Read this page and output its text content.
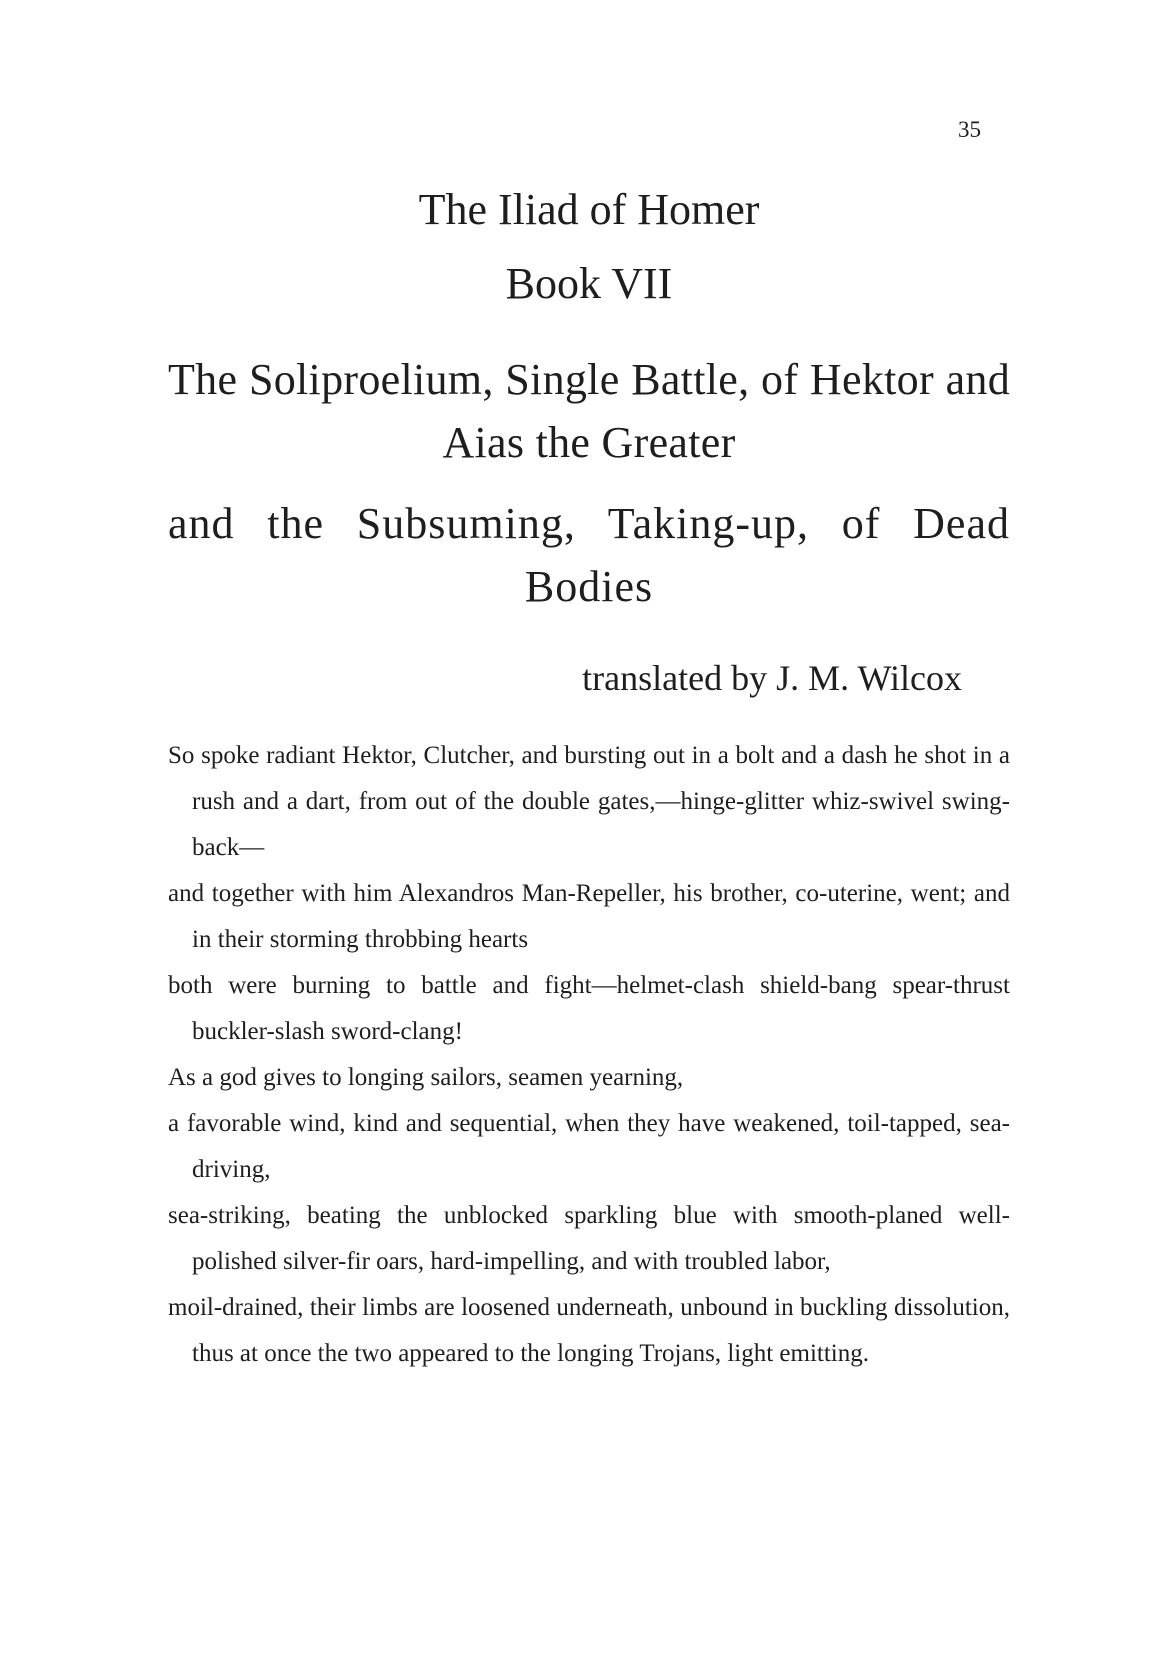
35
The Iliad of Homer
Book VII
The Soliproelium, Single Battle, of Hektor and Aias the Greater
and the Subsuming, Taking-up, of Dead Bodies
translated by J. M. Wilcox

So spoke radiant Hektor, Clutcher, and bursting out in a bolt and a dash he shot in a rush and a dart, from out of the double gates,—hinge-glitter whiz-swivel swing-back—

and together with him Alexandros Man-Repeller, his brother, co-uterine, went; and in their storming throbbing hearts

both were burning to battle and fight—helmet-clash shield-bang spear-thrust buckler-slash sword-clang!

As a god gives to longing sailors, seamen yearning,

a favorable wind, kind and sequential, when they have weakened, toil-tapped, sea-driving,

sea-striking, beating the unblocked sparkling blue with smooth-planed well-polished silver-fir oars, hard-impelling, and with troubled labor,

moil-drained, their limbs are loosened underneath, unbound in buckling dissolution, thus at once the two appeared to the longing Trojans, light emitting.
